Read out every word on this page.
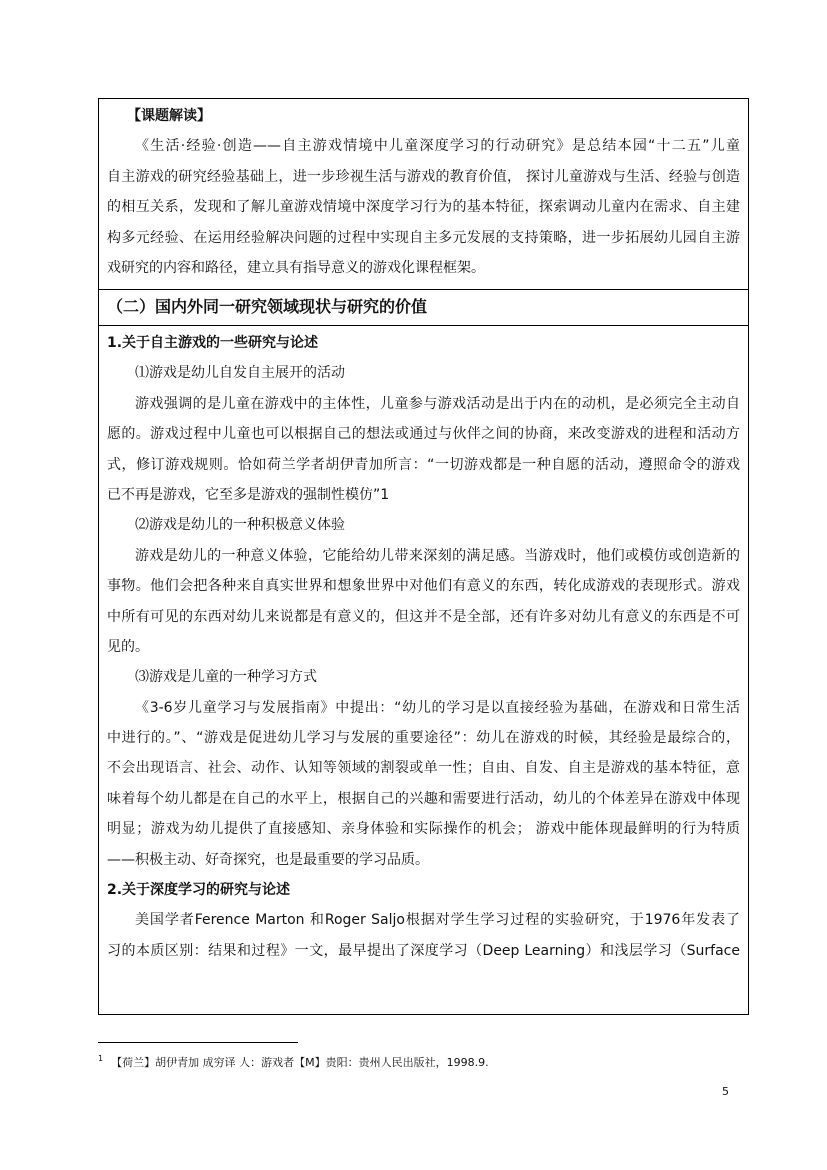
【课题解读】
《生活·经验·创造——自主游戏情境中儿童深度学习的行动研究》是总结本园“十二五”儿童
自主游戏的研究经验基础上，进一步珍视生活与游戏的教育价值， 探讨儿童游戏与生活、经验与创造
的相互关系，发现和了解儿童游戏情境中深度学习行为的基本特征，探索调动儿童内在需求、自主建
构多元经验、在运用经验解决问题的过程中实现自主多元发展的支持策略，进一步拓展幼儿园自主游
戏研究的内容和路径，建立具有指导意义的游戏化课程框架。
（二）国内外同一研究领域现状与研究的价值
1.关于自主游戏的一些研究与论述
⑴游戏是幼儿自发自主展开的活动
游戏强调的是儿童在游戏中的主体性，儿童参与游戏活动是出于内在的动机，是必须完全主动自
愿的。游戏过程中儿童也可以根据自己的想法或通过与伙伴之间的协商，来改变游戏的进程和活动方
式，修订游戏规则。恰如荷兰学者胡伊青加所言：“一切游戏都是一种自愿的活动，遵照命令的游戏
已不再是游戏，它至多是游戏的强制性模仿”1
⑵游戏是幼儿的一种积极意义体验
游戏是幼儿的一种意义体验，它能给幼儿带来深刻的满足感。当游戏时，他们或模仿或创造新的
事物。他们会把各种来自真实世界和想象世界中对他们有意义的东西，转化成游戏的表现形式。游戏
中所有可见的东西对幼儿来说都是有意义的，但这并不是全部，还有许多对幼儿有意义的东西是不可
见的。
⑶游戏是儿童的一种学习方式
《3-6岁儿童学习与发展指南》中提出：“幼儿的学习是以直接经验为基础，在游戏和日常生活
中进行的。”、“游戏是促进幼儿学习与发展的重要途径”：幼儿在游戏的时候，其经验是最综合的，
不会出现语言、社会、动作、认知等领域的割裂或单一性；自由、自发、自主是游戏的基本特征，意
味着每个幼儿都是在自己的水平上，根据自己的兴趣和需要进行活动，幼儿的个体差异在游戏中体现
明显；游戏为幼儿提供了直接感知、亲身体验和实际操作的机会； 游戏中能体现最鲜明的行为特质
——积极主动、好奇探究，也是最重要的学习品质。
2.关于深度学习的研究与论述
美国学者Ference Marton 和Roger Saljo根据对学生学习过程的实验研究，于1976年发表了
习的本质区别：结果和过程》一文，最早提出了深度学习（Deep Learning）和浅层学习（Surface
$^1$ 【荷兰】胡伊青加 成穷译 人：游戏者【M】贵阳：贵州人民出版社，1998.9.
5
